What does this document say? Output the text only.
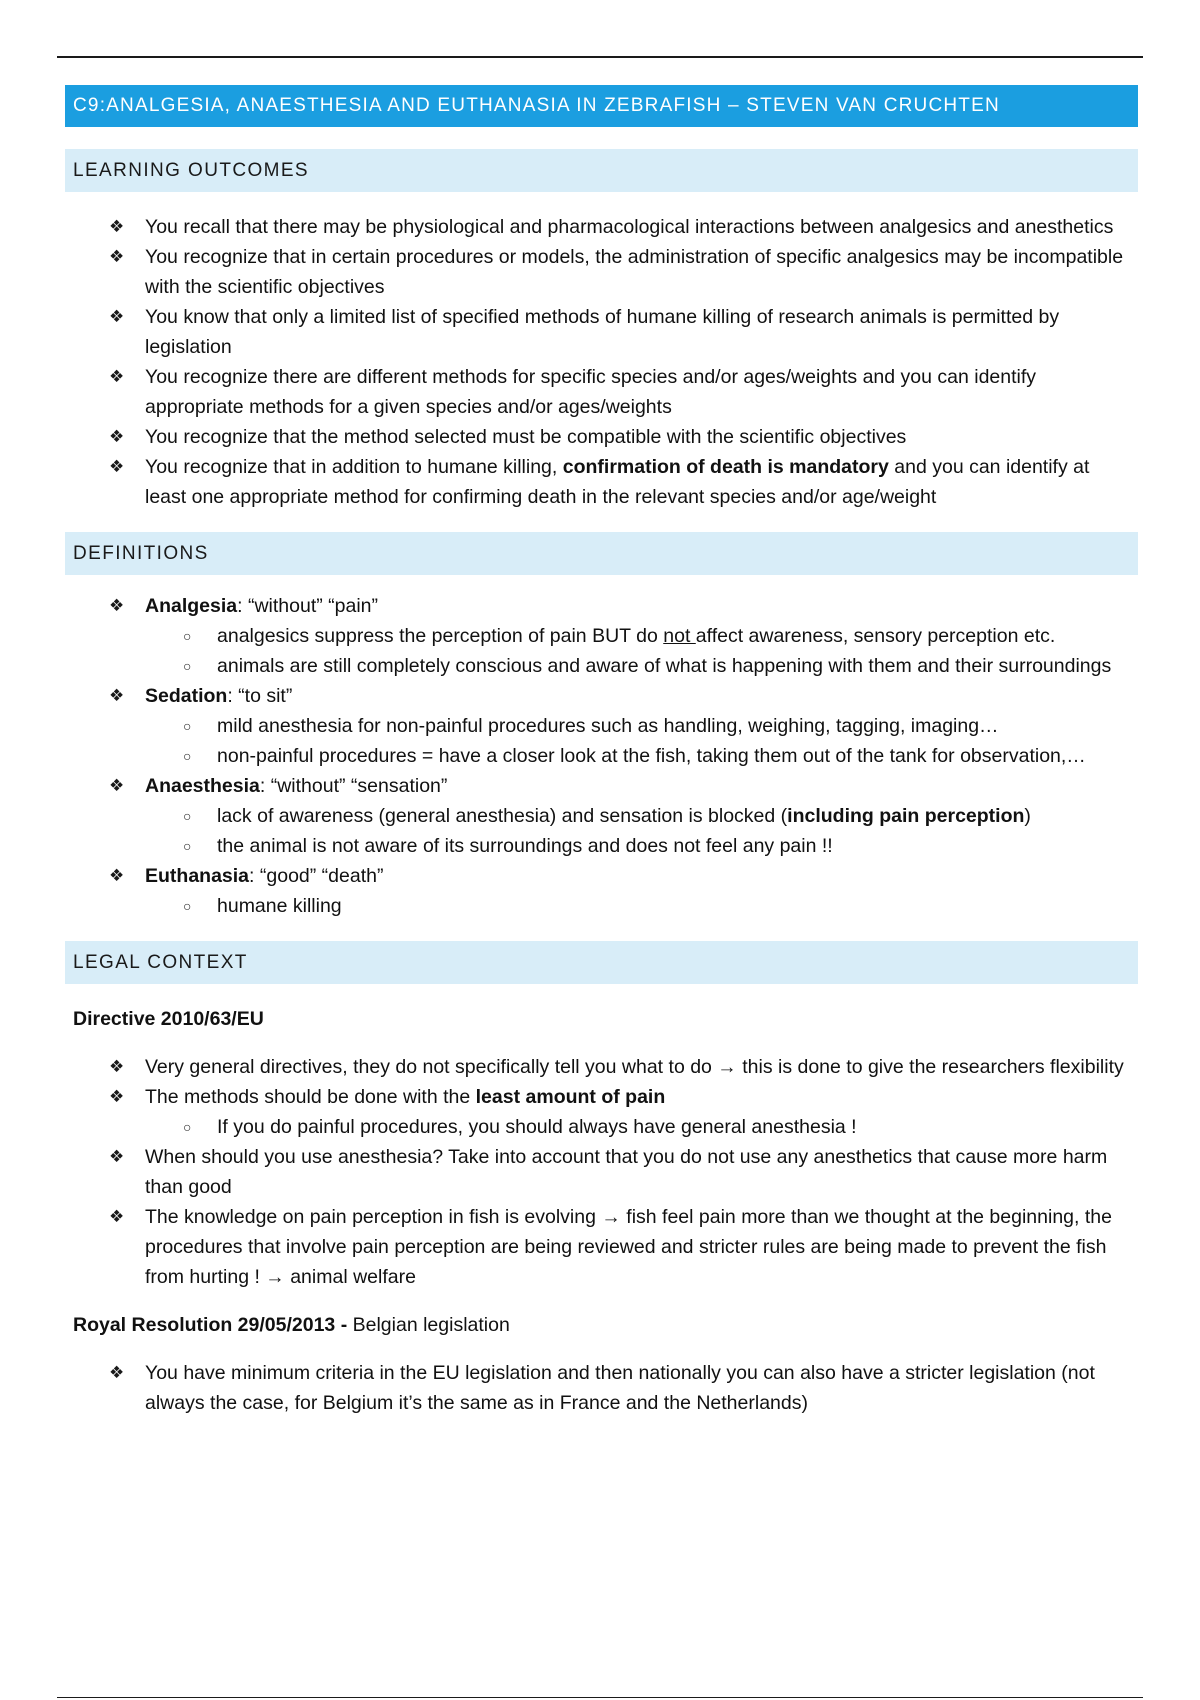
C9:ANALGESIA, ANAESTHESIA AND EUTHANASIA IN ZEBRAFISH – STEVEN VAN CRUCHTEN
LEARNING OUTCOMES
❖ You recall that there may be physiological and pharmacological interactions between analgesics and anesthetics
❖ You recognize that in certain procedures or models, the administration of specific analgesics may be incompatible with the scientific objectives
❖ You know that only a limited list of specified methods of humane killing of research animals is permitted by legislation
❖ You recognize there are different methods for specific species and/or ages/weights and you can identify appropriate methods for a given species and/or ages/weights
❖ You recognize that the method selected must be compatible with the scientific objectives
❖ You recognize that in addition to humane killing, confirmation of death is mandatory and you can identify at least one appropriate method for confirming death in the relevant species and/or age/weight
DEFINITIONS
❖ Analgesia: “without” “pain”
○ analgesics suppress the perception of pain BUT do not affect awareness, sensory perception etc.
○ animals are still completely conscious and aware of what is happening with them and their surroundings
❖ Sedation: “to sit”
○ mild anesthesia for non-painful procedures such as handling, weighing, tagging, imaging…
○ non-painful procedures = have a closer look at the fish, taking them out of the tank for observation,…
❖ Anaesthesia: “without” “sensation”
○ lack of awareness (general anesthesia) and sensation is blocked (including pain perception)
○ the animal is not aware of its surroundings and does not feel any pain !!
❖ Euthanasia: “good” “death”
○ humane killing
LEGAL CONTEXT
Directive 2010/63/EU
❖ Very general directives, they do not specifically tell you what to do → this is done to give the researchers flexibility
❖ The methods should be done with the least amount of pain
○ If you do painful procedures, you should always have general anesthesia !
❖ When should you use anesthesia? Take into account that you do not use any anesthetics that cause more harm than good
❖ The knowledge on pain perception in fish is evolving → fish feel pain more than we thought at the beginning, the procedures that involve pain perception are being reviewed and stricter rules are being made to prevent the fish from hurting ! → animal welfare
Royal Resolution 29/05/2013 - Belgian legislation
❖ You have minimum criteria in the EU legislation and then nationally you can also have a stricter legislation (not always the case, for Belgium it’s the same as in France and the Netherlands)
